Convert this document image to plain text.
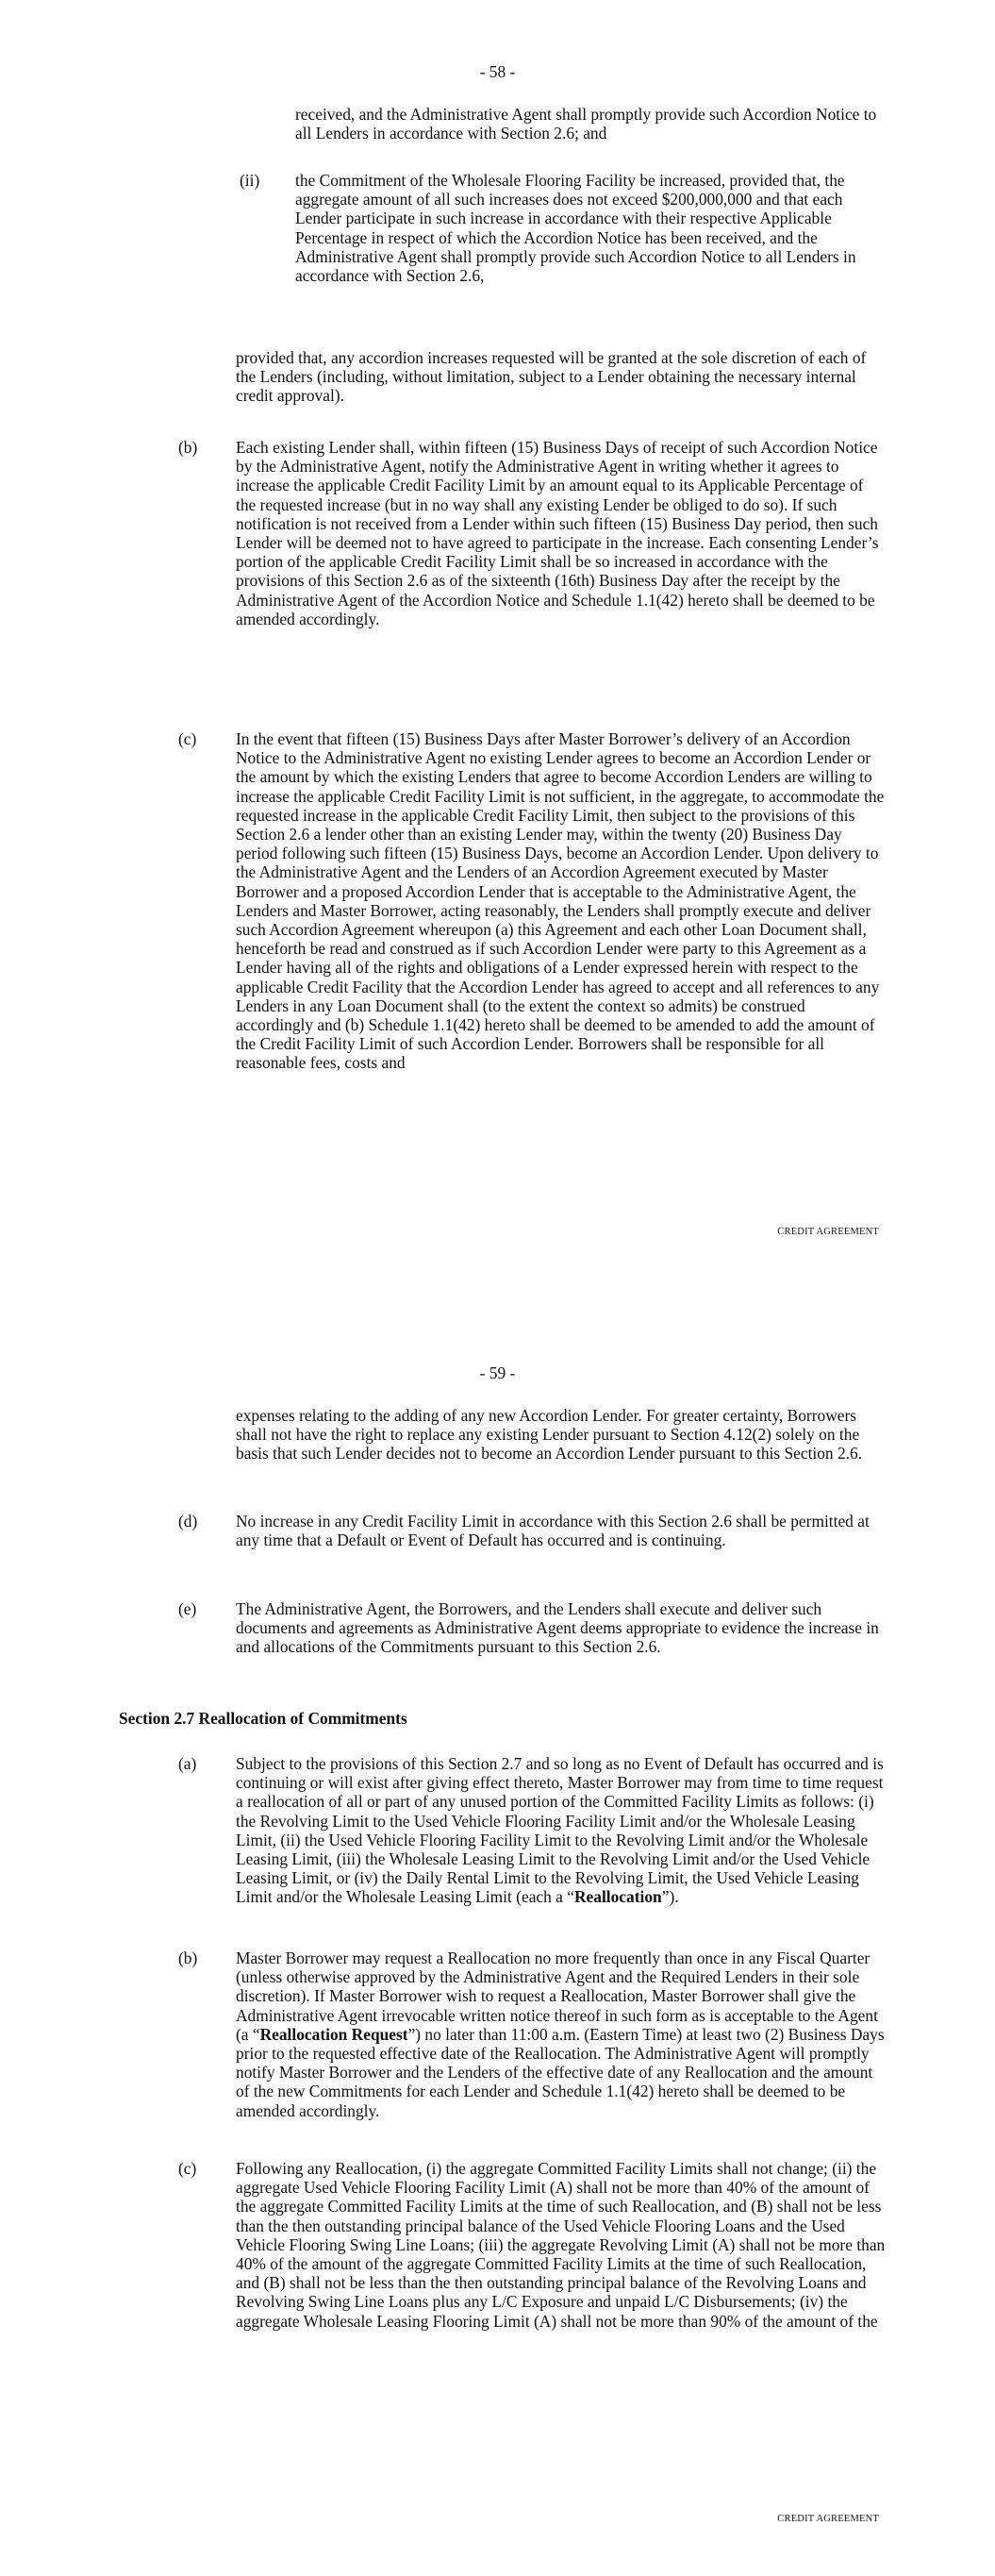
- 58 -

received, and the Administrative Agent shall promptly provide such Accordion Notice to all Lenders in accordance with Section 2.6; and

(ii) the Commitment of the Wholesale Flooring Facility be increased, provided that, the aggregate amount of all such increases does not exceed $200,000,000 and that each Lender participate in such increase in accordance with their respective Applicable Percentage in respect of which the Accordion Notice has been received, and the Administrative Agent shall promptly provide such Accordion Notice to all Lenders in accordance with Section 2.6,

provided that, any accordion increases requested will be granted at the sole discretion of each of the Lenders (including, without limitation, subject to a Lender obtaining the necessary internal credit approval).

(b) Each existing Lender shall, within fifteen (15) Business Days of receipt of such Accordion Notice by the Administrative Agent, notify the Administrative Agent in writing whether it agrees to increase the applicable Credit Facility Limit by an amount equal to its Applicable Percentage of the requested increase (but in no way shall any existing Lender be obliged to do so). If such notification is not received from a Lender within such fifteen (15) Business Day period, then such Lender will be deemed not to have agreed to participate in the increase. Each consenting Lender’s portion of the applicable Credit Facility Limit shall be so increased in accordance with the provisions of this Section 2.6 as of the sixteenth (16th) Business Day after the receipt by the Administrative Agent of the Accordion Notice and Schedule 1.1(42) hereto shall be deemed to be amended accordingly.

(c) In the event that fifteen (15) Business Days after Master Borrower’s delivery of an Accordion Notice to the Administrative Agent no existing Lender agrees to become an Accordion Lender or the amount by which the existing Lenders that agree to become Accordion Lenders are willing to increase the applicable Credit Facility Limit is not sufficient, in the aggregate, to accommodate the requested increase in the applicable Credit Facility Limit, then subject to the provisions of this Section 2.6 a lender other than an existing Lender may, within the twenty (20) Business Day period following such fifteen (15) Business Days, become an Accordion Lender. Upon delivery to the Administrative Agent and the Lenders of an Accordion Agreement executed by Master Borrower and a proposed Accordion Lender that is acceptable to the Administrative Agent, the Lenders and Master Borrower, acting reasonably, the Lenders shall promptly execute and deliver such Accordion Agreement whereupon (a) this Agreement and each other Loan Document shall, henceforth be read and construed as if such Accordion Lender were party to this Agreement as a Lender having all of the rights and obligations of a Lender expressed herein with respect to the applicable Credit Facility that the Accordion Lender has agreed to accept and all references to any Lenders in any Loan Document shall (to the extent the context so admits) be construed accordingly and (b) Schedule 1.1(42) hereto shall be deemed to be amended to add the amount of the Credit Facility Limit of such Accordion Lender. Borrowers shall be responsible for all reasonable fees, costs and

CREDIT AGREEMENT
- 59 -

expenses relating to the adding of any new Accordion Lender. For greater certainty, Borrowers shall not have the right to replace any existing Lender pursuant to Section 4.12(2) solely on the basis that such Lender decides not to become an Accordion Lender pursuant to this Section 2.6.

(d) No increase in any Credit Facility Limit in accordance with this Section 2.6 shall be permitted at any time that a Default or Event of Default has occurred and is continuing.

(e) The Administrative Agent, the Borrowers, and the Lenders shall execute and deliver such documents and agreements as Administrative Agent deems appropriate to evidence the increase in and allocations of the Commitments pursuant to this Section 2.6.

Section 2.7 Reallocation of Commitments
(a) Subject to the provisions of this Section 2.7 and so long as no Event of Default has occurred and is continuing or will exist after giving effect thereto, Master Borrower may from time to time request a reallocation of all or part of any unused portion of the Committed Facility Limits as follows: (i) the Revolving Limit to the Used Vehicle Flooring Facility Limit and/or the Wholesale Leasing Limit, (ii) the Used Vehicle Flooring Facility Limit to the Revolving Limit and/or the Wholesale Leasing Limit, (iii) the Wholesale Leasing Limit to the Revolving Limit and/or the Used Vehicle Leasing Limit, or (iv) the Daily Rental Limit to the Revolving Limit, the Used Vehicle Leasing Limit and/or the Wholesale Leasing Limit (each a “Reallocation”).

(b) Master Borrower may request a Reallocation no more frequently than once in any Fiscal Quarter (unless otherwise approved by the Administrative Agent and the Required Lenders in their sole discretion). If Master Borrower wish to request a Reallocation, Master Borrower shall give the Administrative Agent irrevocable written notice thereof in such form as is acceptable to the Agent (a “Reallocation Request”) no later than 11:00 a.m. (Eastern Time) at least two (2) Business Days prior to the requested effective date of the Reallocation. The Administrative Agent will promptly notify Master Borrower and the Lenders of the effective date of any Reallocation and the amount of the new Commitments for each Lender and Schedule 1.1(42) hereto shall be deemed to be amended accordingly.

(c) Following any Reallocation, (i) the aggregate Committed Facility Limits shall not change; (ii) the aggregate Used Vehicle Flooring Facility Limit (A) shall not be more than 40% of the amount of the aggregate Committed Facility Limits at the time of such Reallocation, and (B) shall not be less than the then outstanding principal balance of the Used Vehicle Flooring Loans and the Used Vehicle Flooring Swing Line Loans; (iii) the aggregate Revolving Limit (A) shall not be more than 40% of the amount of the aggregate Committed Facility Limits at the time of such Reallocation, and (B) shall not be less than the then outstanding principal balance of the Revolving Loans and Revolving Swing Line Loans plus any L/C Exposure and unpaid L/C Disbursements; (iv) the aggregate Wholesale Leasing Flooring Limit (A) shall not be more than 90% of the amount of the

CREDIT AGREEMENT
